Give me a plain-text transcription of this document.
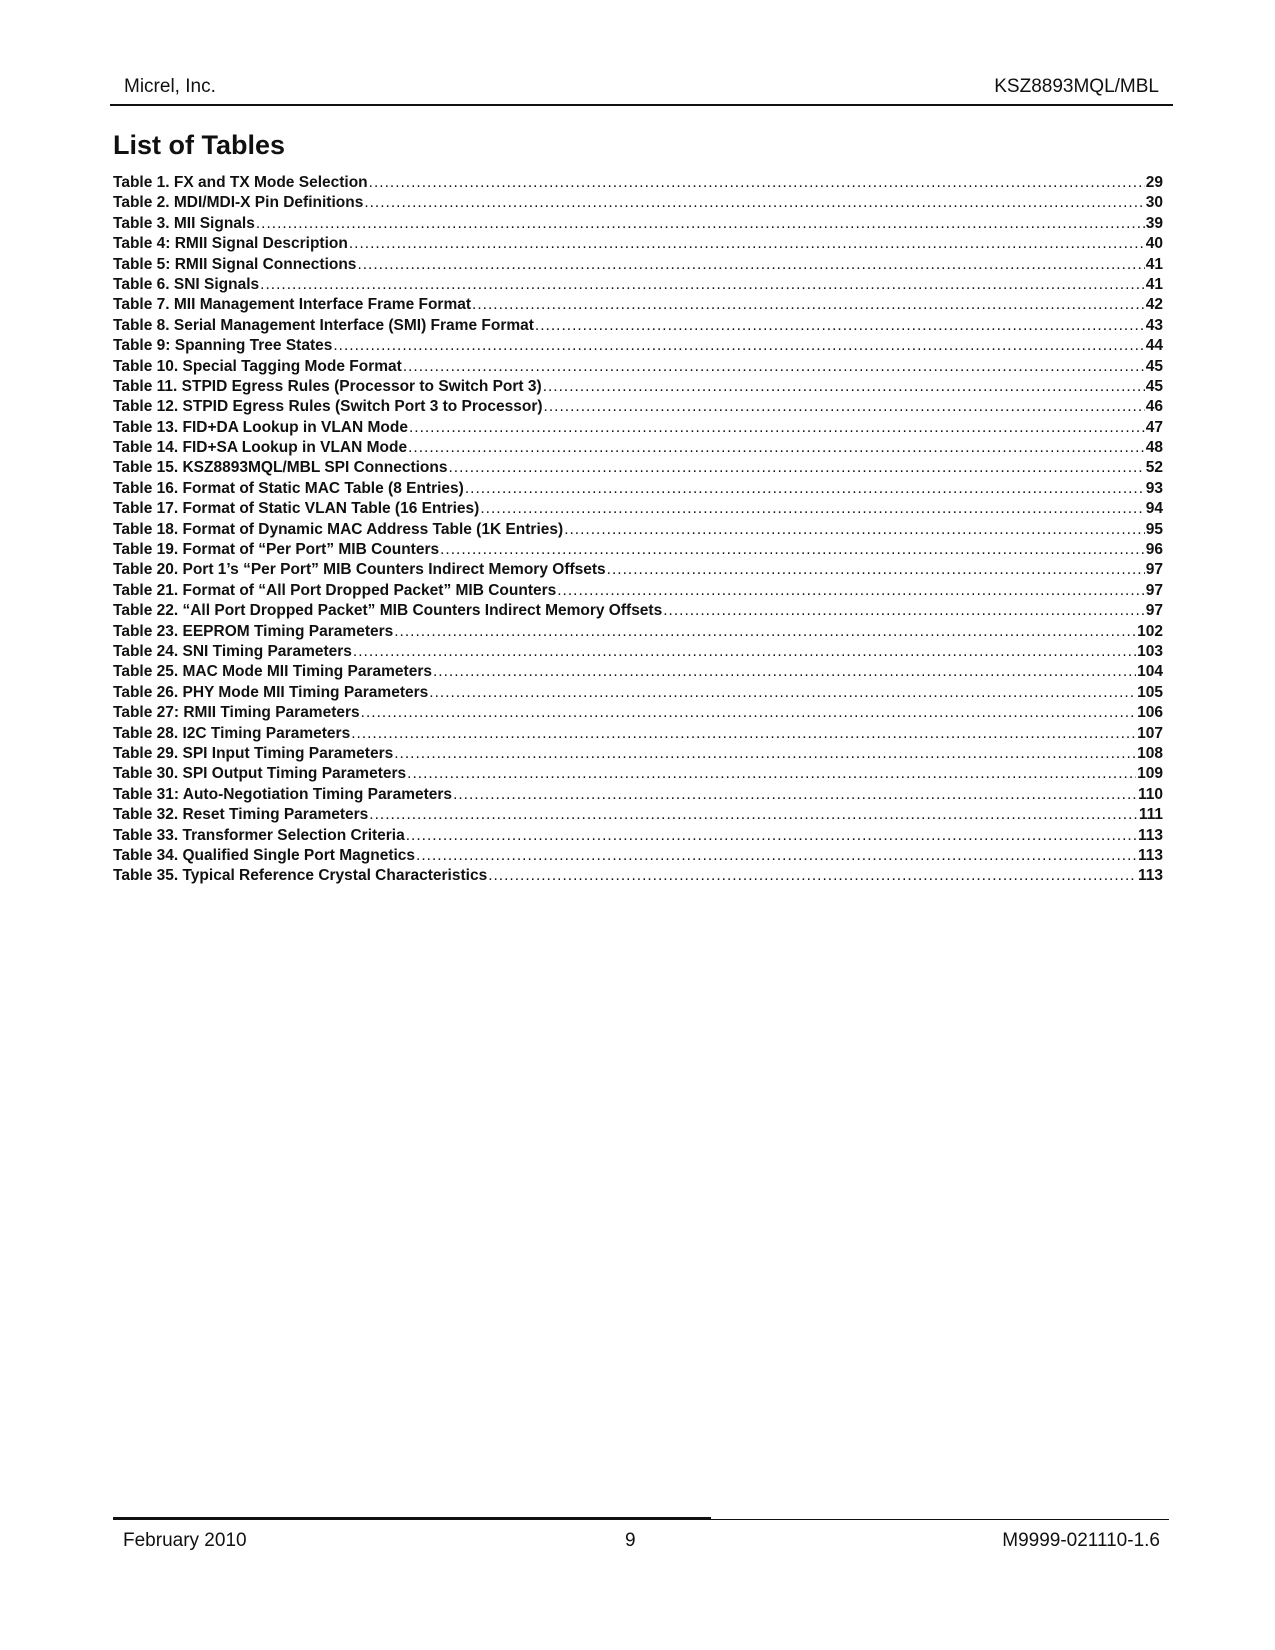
Micrel, Inc.	KSZ8893MQL/MBL
List of Tables
Table 1. FX and TX Mode Selection .....	29
Table 2. MDI/MDI-X Pin Definitions .....	30
Table 3. MII Signals .....	39
Table 4: RMII Signal Description .....	40
Table 5: RMII Signal Connections .....	41
Table 6. SNI Signals .....	41
Table 7. MII Management Interface Frame Format .....	42
Table 8. Serial Management Interface (SMI) Frame Format .....	43
Table 9: Spanning Tree States .....	44
Table 10. Special Tagging Mode Format .....	45
Table 11. STPID Egress Rules (Processor to Switch Port 3) .....	45
Table 12. STPID Egress Rules (Switch Port 3 to Processor) .....	46
Table 13. FID+DA Lookup in VLAN Mode .....	47
Table 14. FID+SA Lookup in VLAN Mode .....	48
Table 15. KSZ8893MQL/MBL SPI Connections .....	52
Table 16. Format of Static MAC Table (8 Entries) .....	93
Table 17. Format of Static VLAN Table (16 Entries) .....	94
Table 18. Format of Dynamic MAC Address Table (1K Entries) .....	95
Table 19. Format of “Per Port” MIB Counters .....	96
Table 20. Port 1’s “Per Port” MIB Counters Indirect Memory Offsets .....	97
Table 21. Format of “All Port Dropped Packet” MIB Counters .....	97
Table 22. “All Port Dropped Packet” MIB Counters Indirect Memory Offsets .....	97
Table 23. EEPROM Timing Parameters .....	102
Table 24. SNI Timing Parameters .....	103
Table 25. MAC Mode MII Timing Parameters .....	104
Table 26. PHY Mode MII Timing Parameters .....	105
Table 27: RMII Timing Parameters .....	106
Table 28. I2C Timing Parameters .....	107
Table 29. SPI Input Timing Parameters .....	108
Table 30. SPI Output Timing Parameters .....	109
Table 31: Auto-Negotiation Timing Parameters .....	110
Table 32. Reset Timing Parameters .....	111
Table 33. Transformer Selection Criteria .....	113
Table 34. Qualified Single Port Magnetics .....	113
Table 35. Typical Reference Crystal Characteristics .....	113
February 2010	9	M9999-021110-1.6
